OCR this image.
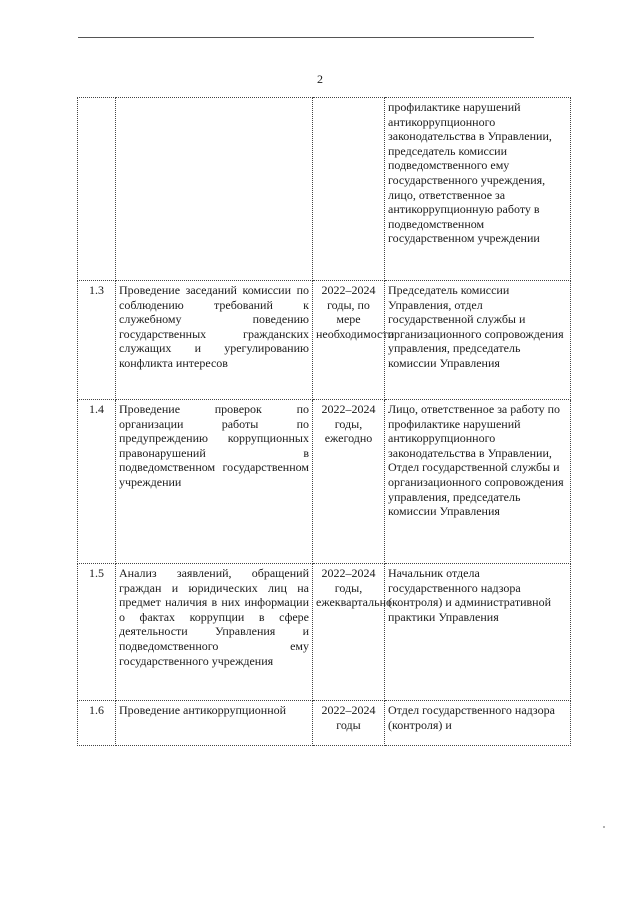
2
			профилактике нарушений антикоррупционного законодательства в Управлении, председатель комиссии подведомственного ему государственного учреждения, лицо, ответственное за антикоррупционную работу в подведомственном государственном учреждении
1.3	Проведение заседаний комиссии по соблюдению требований к служебному поведению государственных гражданских служащих и урегулированию конфликта интересов	2022–2024 годы, по мере необходимости	Председатель комиссии Управления, отдел государственной службы и организационного сопровождения управления, председатель комиссии Управления
1.4	Проведение проверок по организации работы по предупреждению коррупционных правонарушений в подведомственном государственном учреждении	2022–2024 годы, ежегодно	Лицо, ответственное за работу по профилактике нарушений антикоррупционного законодательства в Управлении, Отдел государственной службы и организационного сопровождения управления, председатель комиссии Управления
1.5	Анализ заявлений, обращений граждан и юридических лиц на предмет наличия в них информации о фактах коррупции в сфере деятельности Управления и подведомственного ему государственного учреждения	2022–2024 годы, ежеквартально	Начальник отдела государственного надзора (контроля) и административной практики Управления
1.6	Проведение антикоррупционной	2022–2024 годы	Отдел государственного надзора (контроля) и
